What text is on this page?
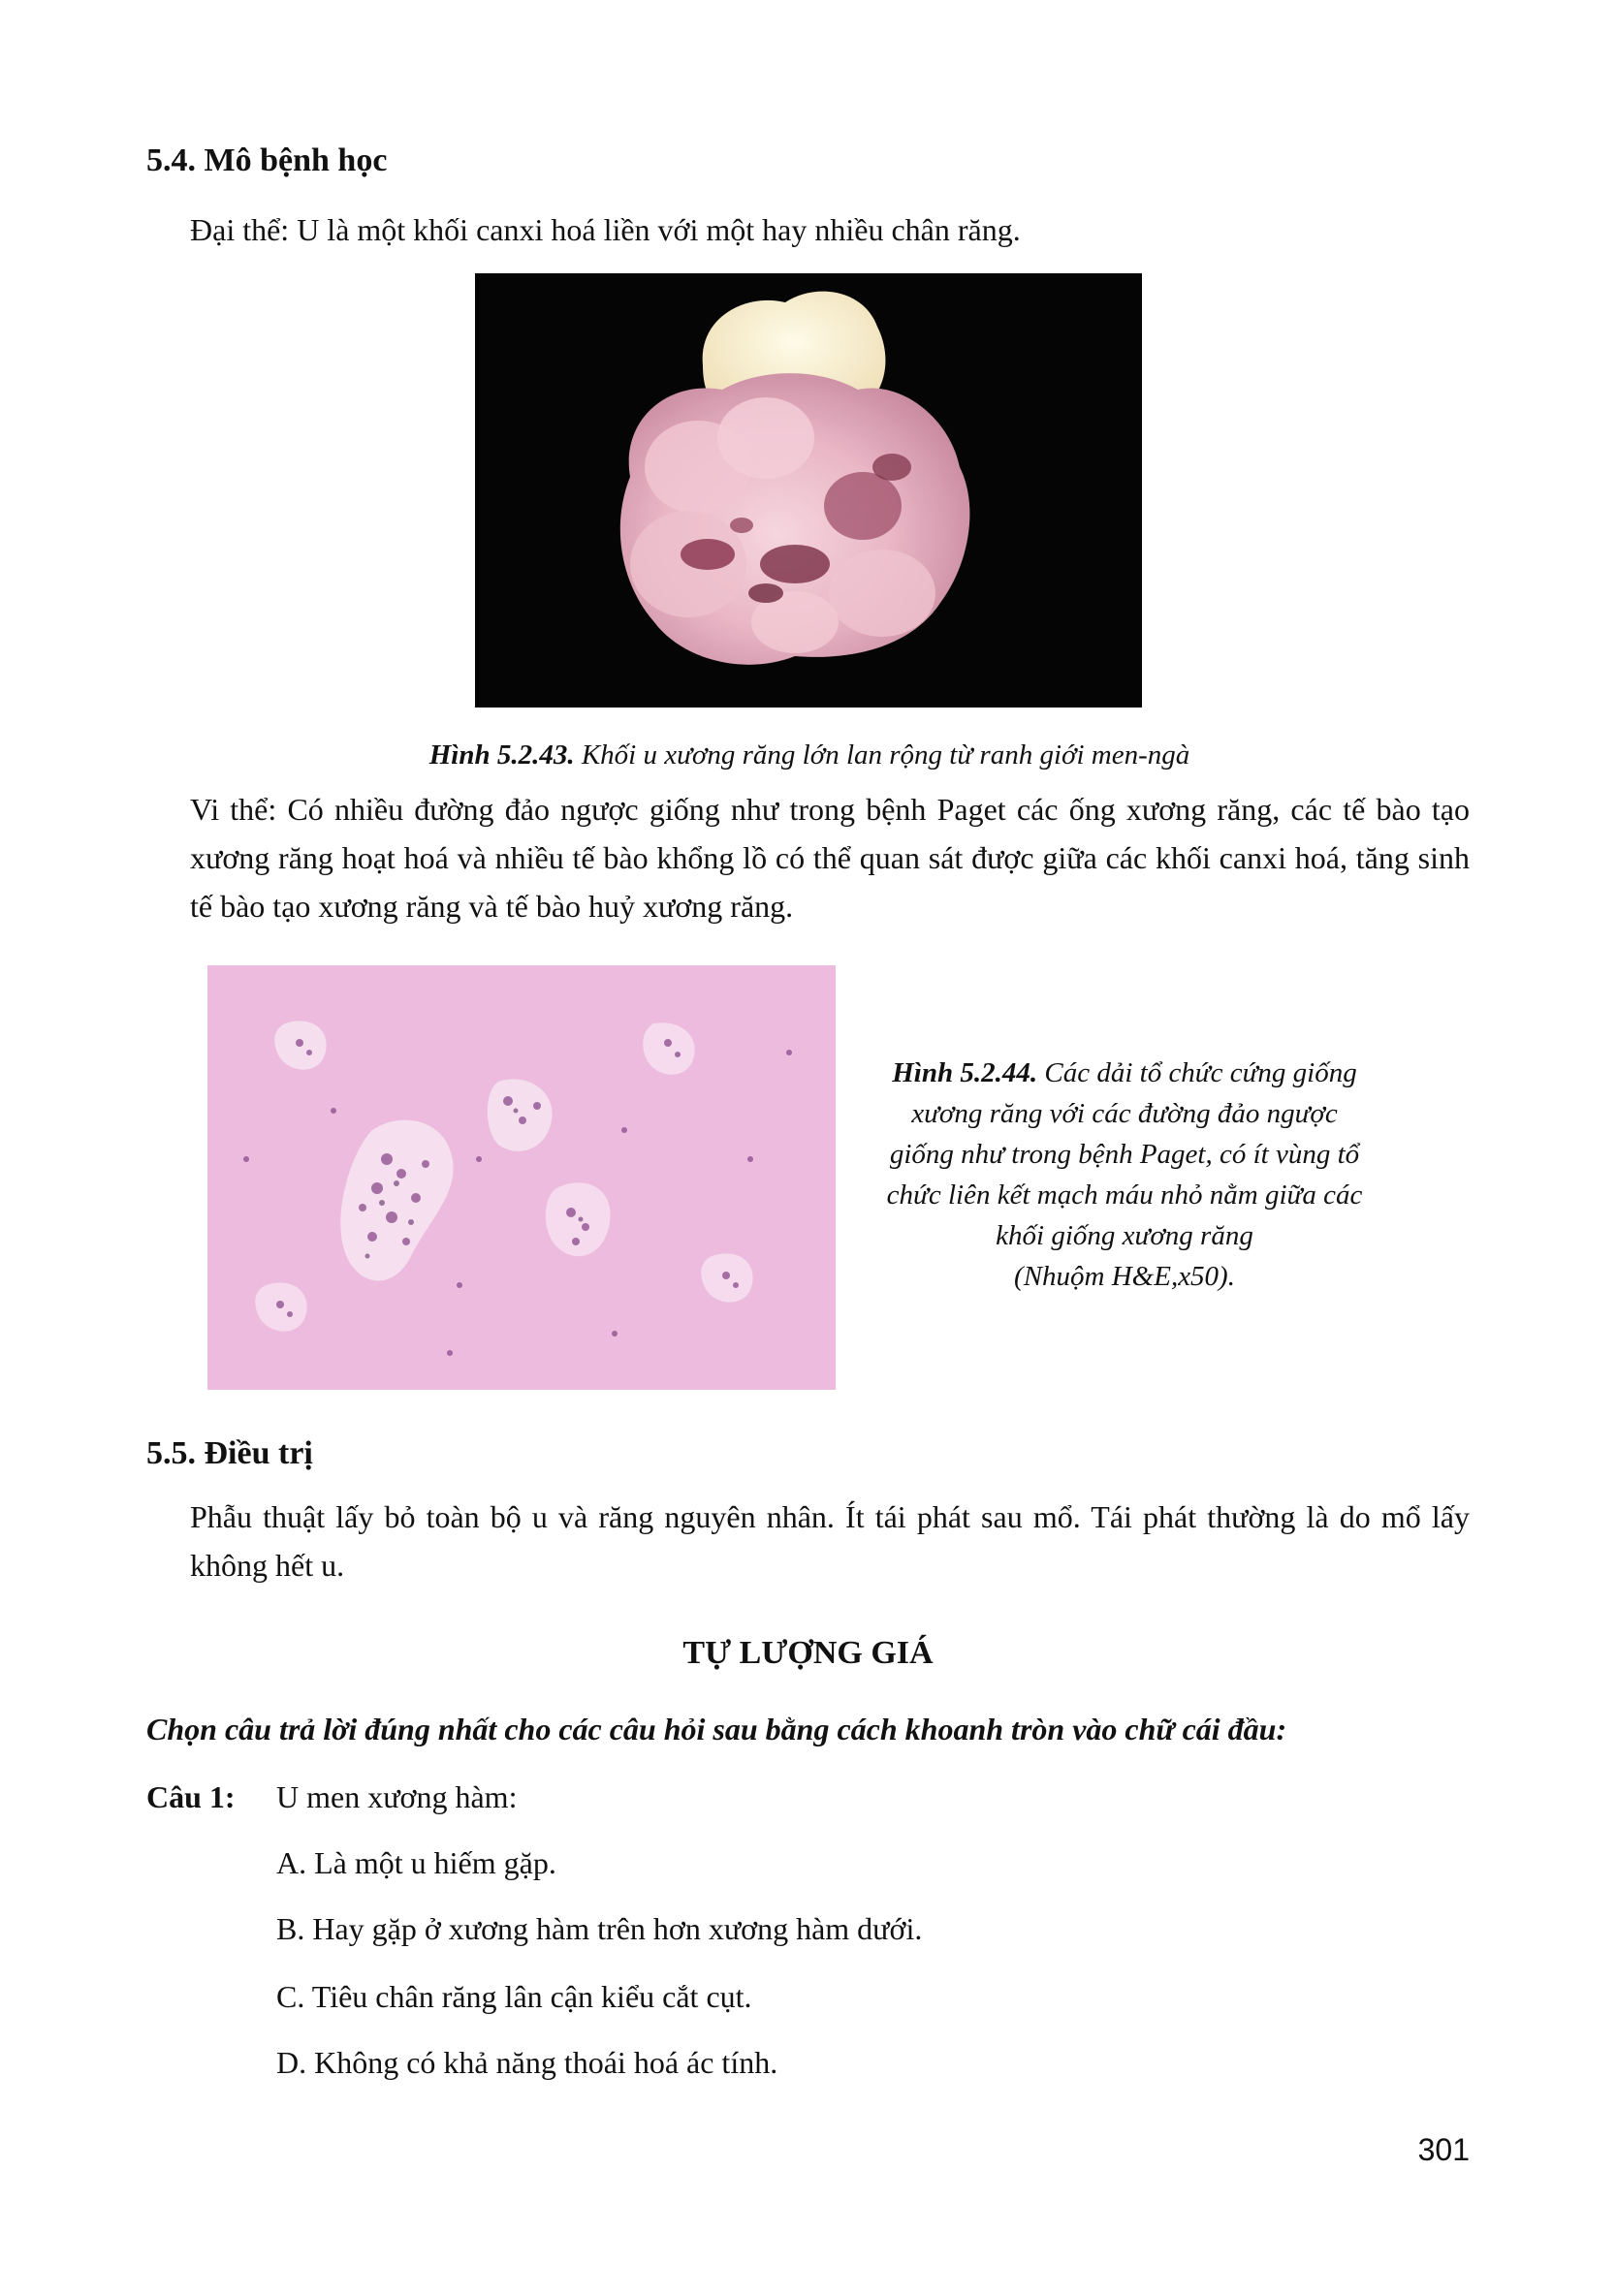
5.4. Mô bệnh học
Đại thể: U là một khối canxi hoá liền với một hay nhiều chân răng.
Hình 5.2.43. Khối u xương răng lớn lan rộng từ ranh giới men-ngà
Vi thể: Có nhiều đường đảo ngược giống như trong bệnh Paget các ống xương răng, các tế bào tạo xương răng hoạt hoá và nhiều tế bào khổng lồ có thể quan sát được giữa các khối canxi hoá, tăng sinh tế bào tạo xương răng và tế bào huỷ xương răng.
Hình 5.2.44. Các dải tổ chức cứng giống
xương răng với các đường đảo ngược
giống như trong bệnh Paget, có ít vùng tổ
chức liên kết mạch máu nhỏ nằm giữa các
khối giống xương răng
(Nhuộm H&E,x50).
5.5. Điều trị
Phẫu thuật lấy bỏ toàn bộ u và răng nguyên nhân. Ít tái phát sau mổ. Tái phát thường là do mổ lấy không hết u.
TỰ LƯỢNG GIÁ
Chọn câu trả lời đúng nhất cho các câu hỏi sau bằng cách khoanh tròn vào chữ cái đầu:
Câu 1: U men xương hàm:
A. Là một u hiếm gặp.
B. Hay gặp ở xương hàm trên hơn xương hàm dưới.
C. Tiêu chân răng lân cận kiểu cắt cụt.
D. Không có khả năng thoái hoá ác tính.
301
